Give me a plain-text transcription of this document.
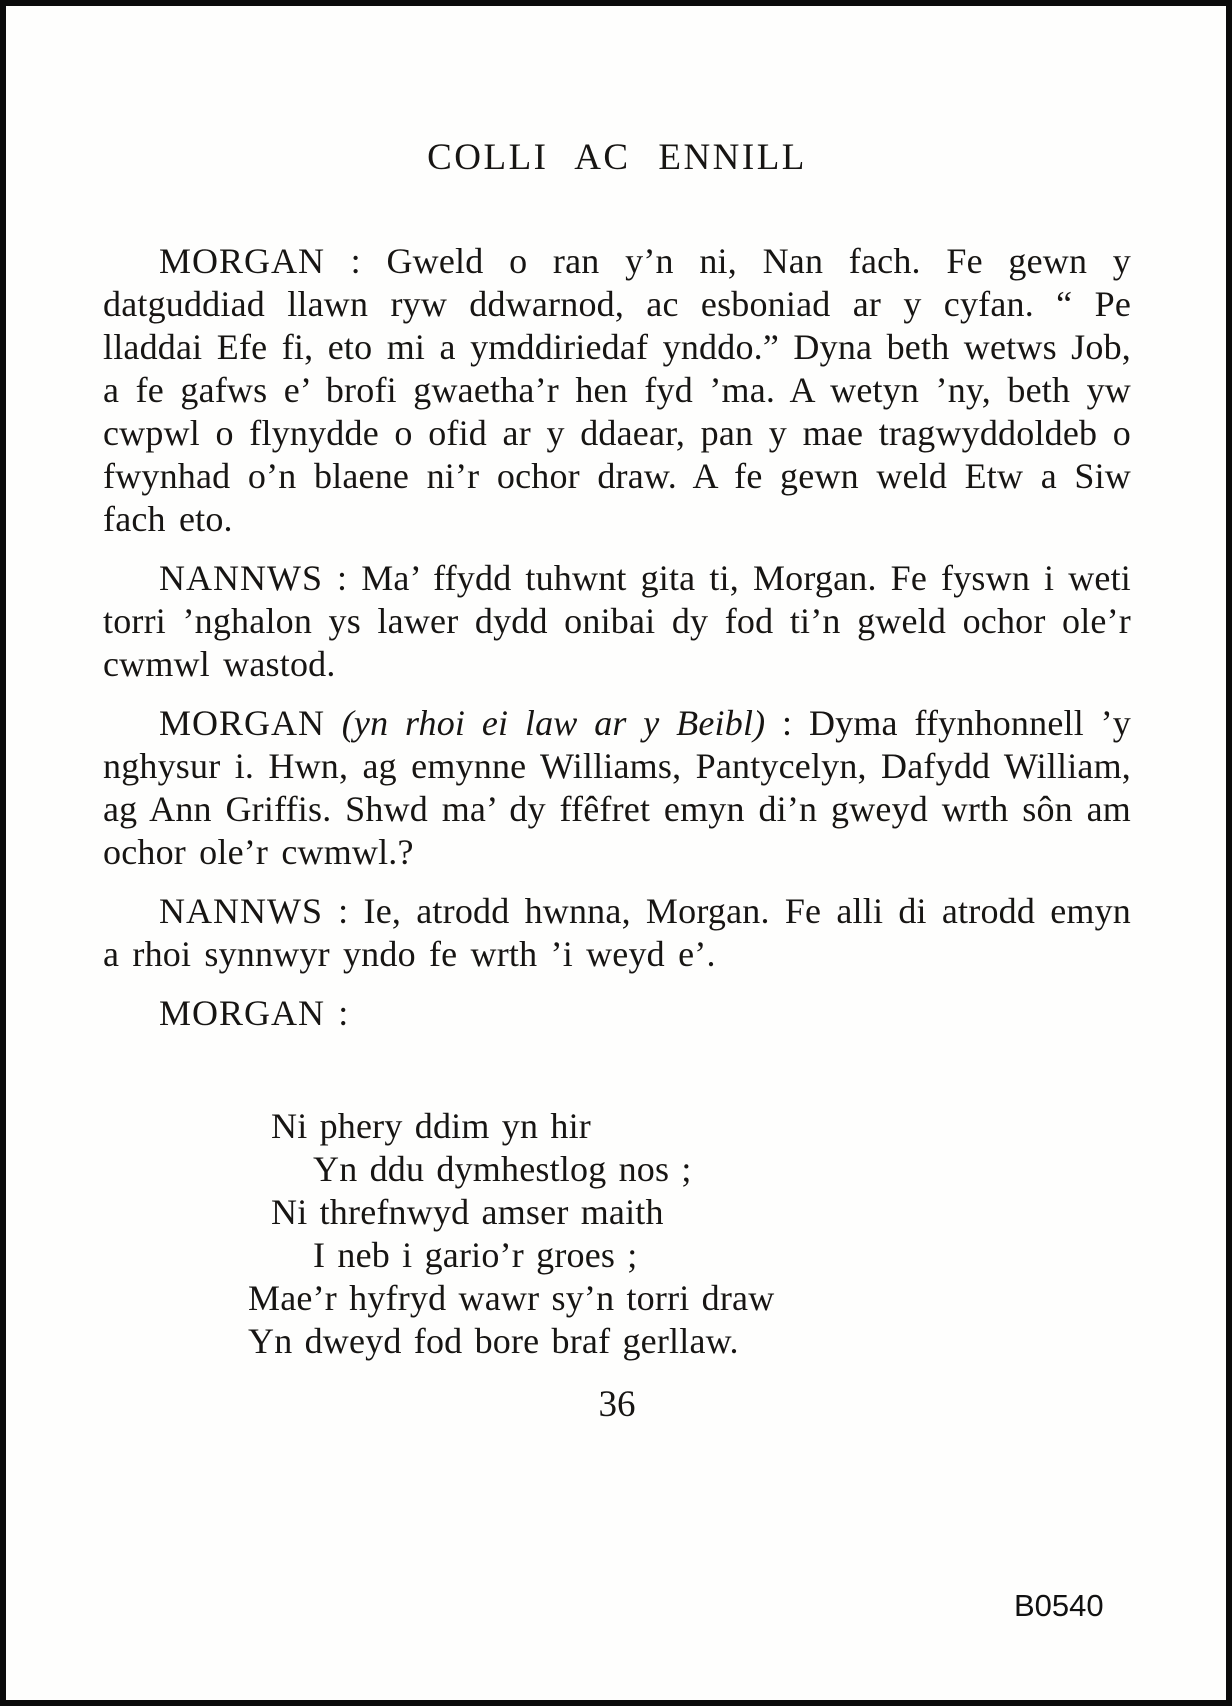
COLLI AC ENNILL

MORGAN : Gweld o ran y’n ni, Nan fach. Fe gewn y datguddiad llawn ryw ddwarnod, ac esboniad ar y cyfan. “ Pe lladdai Efe fi, eto mi a ymddiriedaf ynddo.” Dyna beth wetws Job, a fe gafws e’ brofi gwaetha’r hen fyd ’ma. A wetyn ’ny, beth yw cwpwl o flynydde o ofid ar y ddaear, pan y mae tragwyddoldeb o fwynhad o’n blaene ni’r ochor draw. A fe gewn weld Etw a Siw fach eto.

NANNWS : Ma’ ffydd tuhwnt gita ti, Morgan. Fe fyswn i weti torri ’nghalon ys lawer dydd onibai dy fod ti’n gweld ochor ole’r cwmwl wastod.

MORGAN (yn rhoi ei law ar y Beibl) : Dyma ffynhonnell ’y nghysur i. Hwn, ag emynne Williams, Pantycelyn, Dafydd William, ag Ann Griffis. Shwd ma’ dy ffêfret emyn di’n gweyd wrth sôn am ochor ole’r cwmwl.?

NANNWS : Ie, atrodd hwnna, Morgan. Fe alli di atrodd emyn a rhoi synnwyr yndo fe wrth ’i weyd e’.

MORGAN :

Ni phery ddim yn hir
Yn ddu dymhestlog nos ;
Ni threfnwyd amser maith
I neb i gario’r groes ;
Mae’r hyfryd wawr sy’n torri draw
Yn dweyd fod bore braf gerllaw.
36
B0540
